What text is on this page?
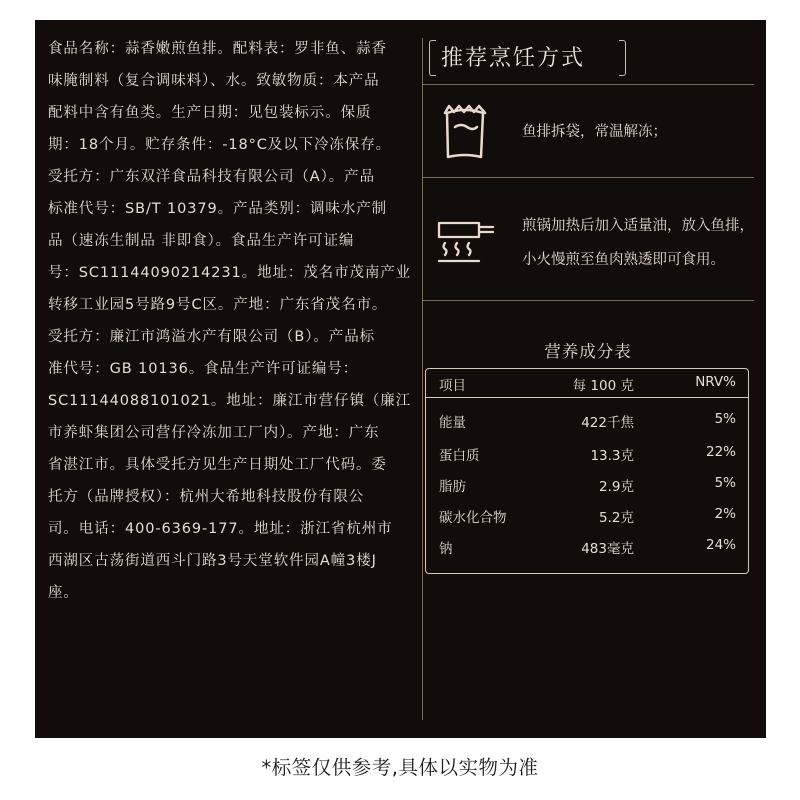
食品名称：蒜香嫩煎鱼排。配料表：罗非鱼、蒜香

味腌制料（复合调味料）、水。致敏物质：本产品

配料中含有鱼类。生产日期：见包装标示。保质

期：18个月。贮存条件：-18°C及以下冷冻保存。

受托方：广东双洋食品科技有限公司（A）。产品

标准代号：SB/T 10379。产品类别：调味水产制

品（速冻生制品 非即食）。食品生产许可证编

号：SC11144090214231。地址：茂名市茂南产业

转移工业园5号路9号C区。产地：广东省茂名市。

受托方：廉江市鸿溢水产有限公司（B）。产品标

准代号：GB 10136。食品生产许可证编号：

SC11144088101021。地址：廉江市营仔镇（廉江

市养虾集团公司营仔冷冻加工厂内）。产地：广东

省湛江市。具体受托方见生产日期处工厂代码。委

托方（品牌授权）：杭州大希地科技股份有限公

司。电话：400-6369-177。地址：浙江省杭州市

西湖区古荡街道西斗门路3号天堂软件园A幢3楼J

座。

推荐烹饪方式
鱼排拆袋，常温解冻；
煎锅加热后加入适量油，放入鱼排，
小火慢煎至鱼肉熟透即可食用。
营养成分表
项目	每 100 克	NRV%
能量	422千焦	5%
蛋白质	13.3克	22%
脂肪	2.9克	5%
碳水化合物	5.2克	2%
钠	483毫克	24%
*标签仅供参考,具体以实物为准
